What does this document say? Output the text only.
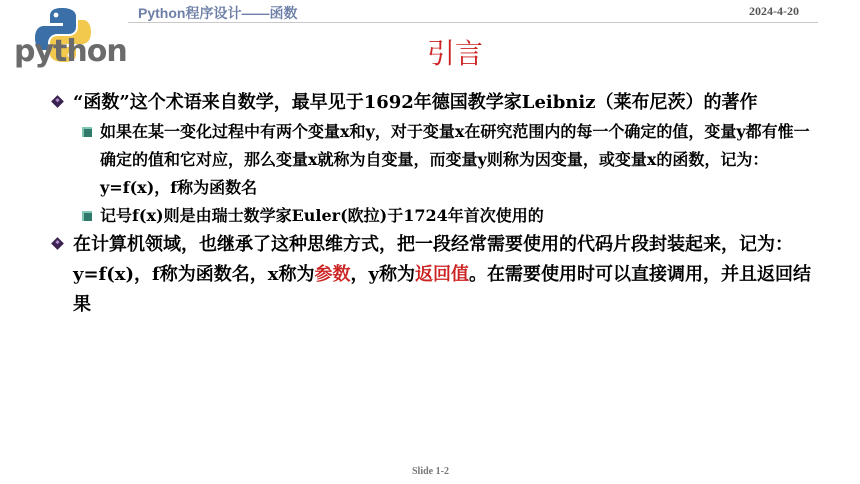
python
Python程序设计——函数	2024-4-20
引言
“函数”这个术语来自数学，最早见于1692年德国教学家Leibniz（莱布尼茨）的著作
如果在某一变化过程中有两个变量x和y，对于变量x在研究范围内的每一个确定的值，变量y都有惟一确定的值和它对应，那么变量x就称为自变量，而变量y则称为因变量，或变量x的函数，记为：y=f(x)，f称为函数名
记号f(x)则是由瑞士数学家Euler(欧拉)于1724年首次使用的
在计算机领域，也继承了这种思维方式，把一段经常需要使用的代码片段封装起来，记为：y=f(x)，f称为函数名，x称为参数，y称为返回值。在需要使用时可以直接调用，并且返回结果
Slide 1-2
